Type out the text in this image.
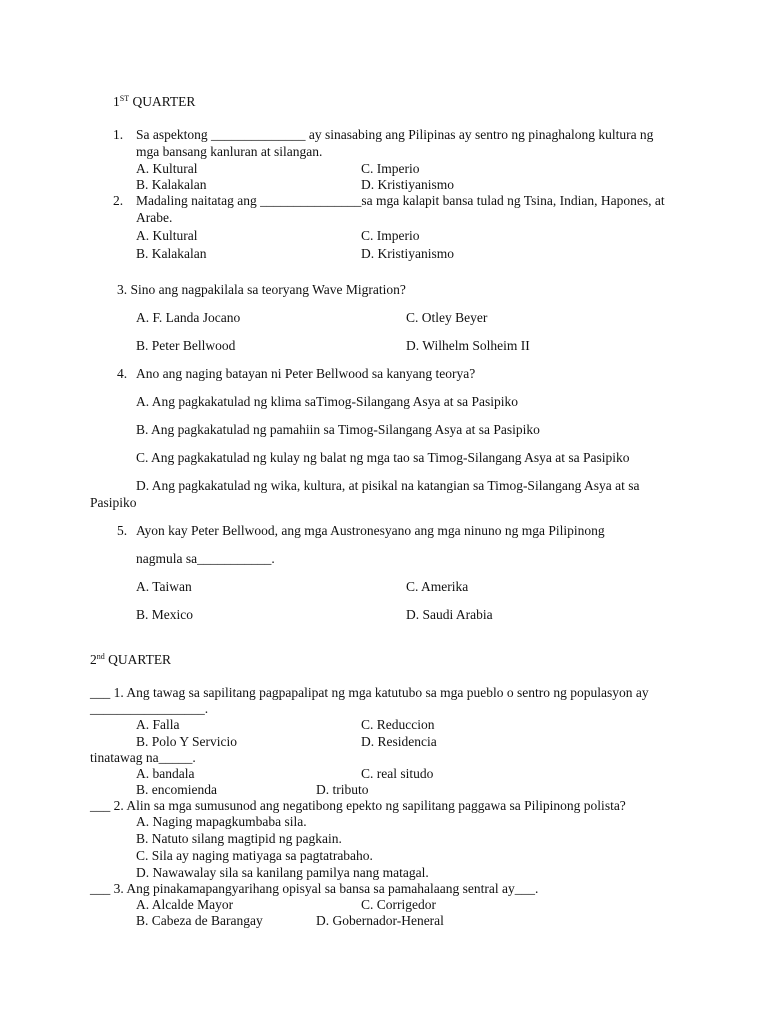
1ST QUARTER
1. Sa aspektong ______________ ay sinasabing ang Pilipinas ay sentro ng pinaghalong kultura ng
mga bansang kanluran at silangan.
A. Kultural	C. Imperio
B. Kalakalan	D. Kristiyanismo
2. Madaling naitatag ang _______________sa mga kalapit bansa tulad ng Tsina, Indian, Hapones, at
Arabe.
A. Kultural	C. Imperio
B. Kalakalan	D. Kristiyanismo
3. Sino ang nagpakilala sa teoryang Wave Migration?
A. F. Landa Jocano	C. Otley Beyer
B. Peter Bellwood	D. Wilhelm Solheim II
4. Ano ang naging batayan ni Peter Bellwood sa kanyang teorya?
A. Ang pagkakatulad ng klima saTimog-Silangang Asya at sa Pasipiko
B. Ang pagkakatulad ng pamahiin sa Timog-Silangang Asya at sa Pasipiko
C. Ang pagkakatulad ng kulay ng balat ng mga tao sa Timog-Silangang Asya at sa Pasipiko
D. Ang pagkakatulad ng wika, kultura, at pisikal na katangian sa Timog-Silangang Asya at sa
Pasipiko
5. Ayon kay Peter Bellwood, ang mga Austronesyano ang mga ninuno ng mga Pilipinong
nagmula sa___________.
A. Taiwan	C. Amerika
B. Mexico	D. Saudi Arabia
2nd QUARTER
___ 1. Ang tawag sa sapilitang pagpapalipat ng mga katutubo sa mga pueblo o sentro ng populasyon ay
_________________.
A. Falla	C. Reduccion
B. Polo Y Servicio	D. Residencia
tinatawag na_____.
A. bandala	C. real situdo
B. encomienda	D. tributo
___ 2. Alin sa mga sumusunod ang negatibong epekto ng sapilitang paggawa sa Pilipinong polista?
A. Naging mapagkumbaba sila.
B. Natuto silang magtipid ng pagkain.
C. Sila ay naging matiyaga sa pagtatrabaho.
D. Nawawalay sila sa kanilang pamilya nang matagal.
___ 3. Ang pinakamapangyarihang opisyal sa bansa sa pamahalaang sentral ay___.
A. Alcalde Mayor	C. Corrigedor
B. Cabeza de Barangay	D. Gobernador-Heneral
